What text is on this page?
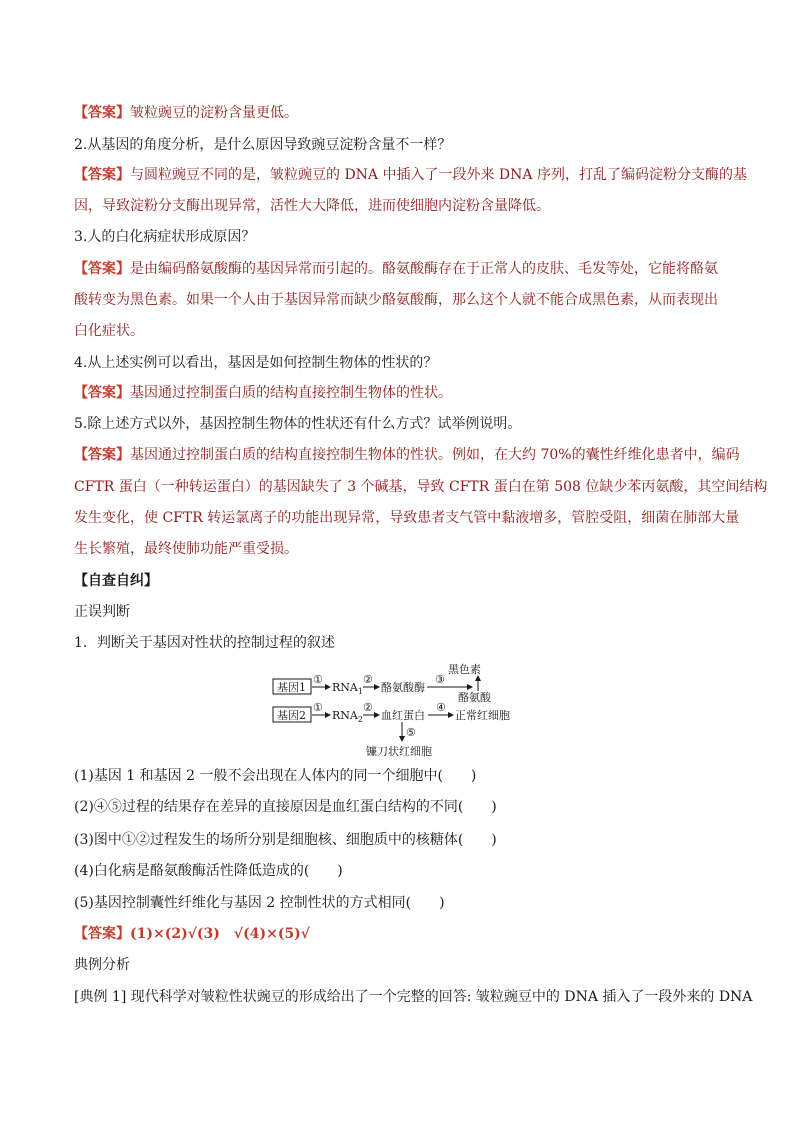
【答案】皱粒豌豆的淀粉含量更低。
2.从基因的角度分析，是什么原因导致豌豆淀粉含量不一样？
【答案】与圆粒豌豆不同的是，皱粒豌豆的 DNA 中插入了一段外来 DNA 序列，打乱了编码淀粉分支酶的基
因，导致淀粉分支酶出现异常，活性大大降低，进而使细胞内淀粉含量降低。
3.人的白化病症状形成原因？
【答案】是由编码酪氨酸酶的基因异常而引起的。酪氨酸酶存在于正常人的皮肤、毛发等处，它能将酪氨
酸转变为黑色素。如果一个人由于基因异常而缺少酪氨酸酶，那么这个人就不能合成黑色素，从而表现出
白化症状。
4.从上述实例可以看出，基因是如何控制生物体的性状的？
【答案】基因通过控制蛋白质的结构直接控制生物体的性状。
5.除上述方式以外，基因控制生物体的性状还有什么方式？试举例说明。
【答案】基因通过控制蛋白质的结构直接控制生物体的性状。例如，在大约 70%的囊性纤维化患者中，编码
CFTR 蛋白（一种转运蛋白）的基因缺失了 3 个碱基，导致 CFTR 蛋白在第 508 位缺少苯丙氨酸，其空间结构
发生变化，使 CFTR 转运氯离子的功能出现异常，导致患者支气管中黏液增多，管腔受阻，细菌在肺部大量
生长繁殖，最终使肺功能严重受损。
【自查自纠】
正误判断
1．判断关于基因对性状的控制过程的叙述
(1)基因 1 和基因 2 一般不会出现在人体内的同一个细胞中(　　)
(2)④⑤过程的结果存在差异的直接原因是血红蛋白结构的不同(　　)
(3)图中①②过程发生的场所分别是细胞核、细胞质中的核糖体(　　)
(4)白化病是酪氨酸酶活性降低造成的(　　)
(5)基因控制囊性纤维化与基因 2 控制性状的方式相同(　　)
【答案】(1)×(2)√(3)　√(4)×(5)√
典例分析
[典例 1] 现代科学对皱粒性状豌豆的形成给出了一个完整的回答: 皱粒豌豆中的 DNA 插入了一段外来的 DNA
基因1
①
$RNA_1$
②
酪氨酸酶
③
黑色素
酪氨酸
基因2
①
$RNA_2$
②
血红蛋白
④
正常红细胞
⑤
镰刀状红细胞
